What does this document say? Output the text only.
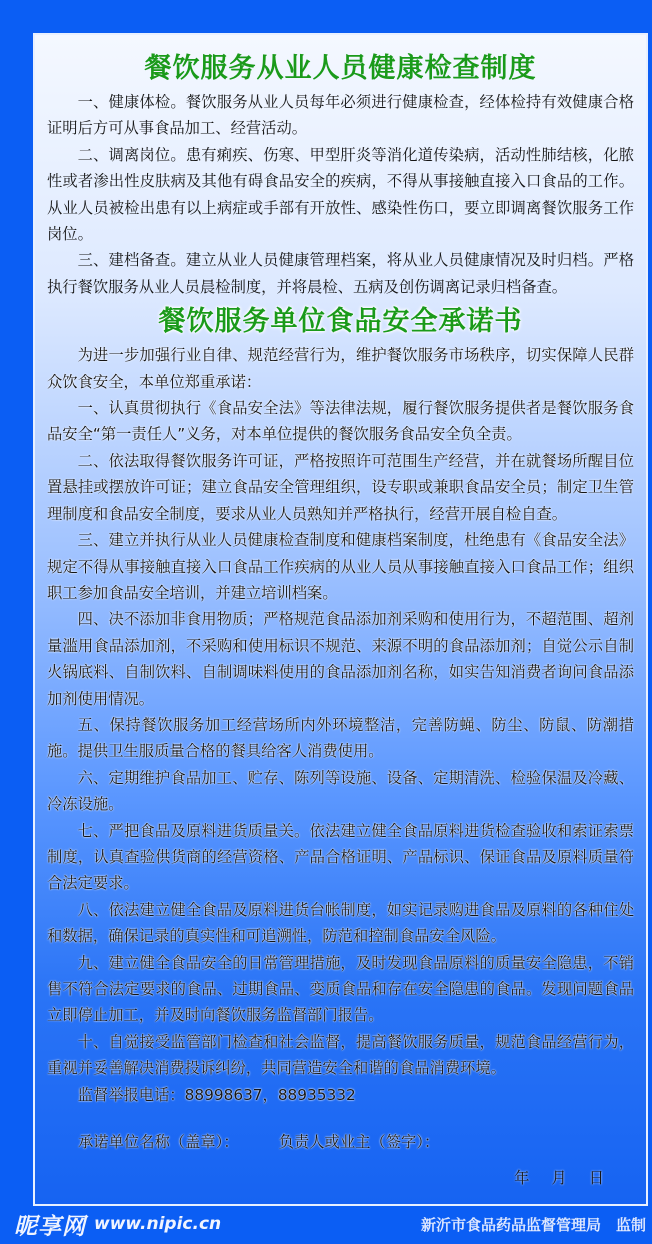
餐饮服务从业人员健康检查制度

一、健康体检。餐饮服务从业人员每年必须进行健康检查，经体检持有效健康合格证明后方可从事食品加工、经营活动。

二、调离岗位。患有痢疾、伤寒、甲型肝炎等消化道传染病，活动性肺结核，化脓性或者渗出性皮肤病及其他有碍食品安全的疾病，不得从事接触直接入口食品的工作。从业人员被检出患有以上病症或手部有开放性、感染性伤口，要立即调离餐饮服务工作岗位。

三、建档备查。建立从业人员健康管理档案，将从业人员健康情况及时归档。严格执行餐饮服务从业人员晨检制度，并将晨检、五病及创伤调离记录归档备查。

餐饮服务单位食品安全承诺书

为进一步加强行业自律、规范经营行为，维护餐饮服务市场秩序，切实保障人民群众饮食安全，本单位郑重承诺：

一、认真贯彻执行《食品安全法》等法律法规，履行餐饮服务提供者是餐饮服务食品安全“第一责任人”义务，对本单位提供的餐饮服务食品安全负全责。

二、依法取得餐饮服务许可证，严格按照许可范围生产经营，并在就餐场所醒目位置悬挂或摆放许可证；建立食品安全管理组织，设专职或兼职食品安全员；制定卫生管理制度和食品安全制度，要求从业人员熟知并严格执行，经营开展自检自查。

三、建立并执行从业人员健康检查制度和健康档案制度，杜绝患有《食品安全法》规定不得从事接触直接入口食品工作疾病的从业人员从事接触直接入口食品工作；组织职工参加食品安全培训，并建立培训档案。

四、决不添加非食用物质；严格规范食品添加剂采购和使用行为，不超范围、超剂量滥用食品添加剂，不采购和使用标识不规范、来源不明的食品添加剂；自觉公示自制火锅底料、自制饮料、自制调味料使用的食品添加剂名称，如实告知消费者询问食品添加剂使用情况。

五、保持餐饮服务加工经营场所内外环境整洁，完善防蝇、防尘、防鼠、防潮措施。提供卫生服质量合格的餐具给客人消费使用。

六、定期维护食品加工、贮存、陈列等设施、设备、定期清洗、检验保温及冷藏、冷冻设施。

七、严把食品及原料进货质量关。依法建立健全食品原料进货检查验收和索证索票制度，认真查验供货商的经营资格、产品合格证明、产品标识、保证食品及原料质量符合法定要求。

八、依法建立健全食品及原料进货台帐制度，如实记录购进食品及原料的各种住处和数据，确保记录的真实性和可追溯性，防范和控制食品安全风险。

九、建立健全食品安全的日常管理措施，及时发现食品原料的质量安全隐患，不销售不符合法定要求的食品、过期食品、变质食品和存在安全隐患的食品。发现问题食品立即停止加工，并及时向餐饮服务监督部门报告。

十、自觉接受监管部门检查和社会监督，提高餐饮服务质量，规范食品经营行为，重视并妥善解决消费投诉纠纷，共同营造安全和谐的食品消费环境。

监督举报电话：88998637，88935332

承诺单位名称（盖章）：	负责人或业主（签字）：
年 月 日
昵享网 www.nipic.cn	新沂市食品药品监督管理局　监制
